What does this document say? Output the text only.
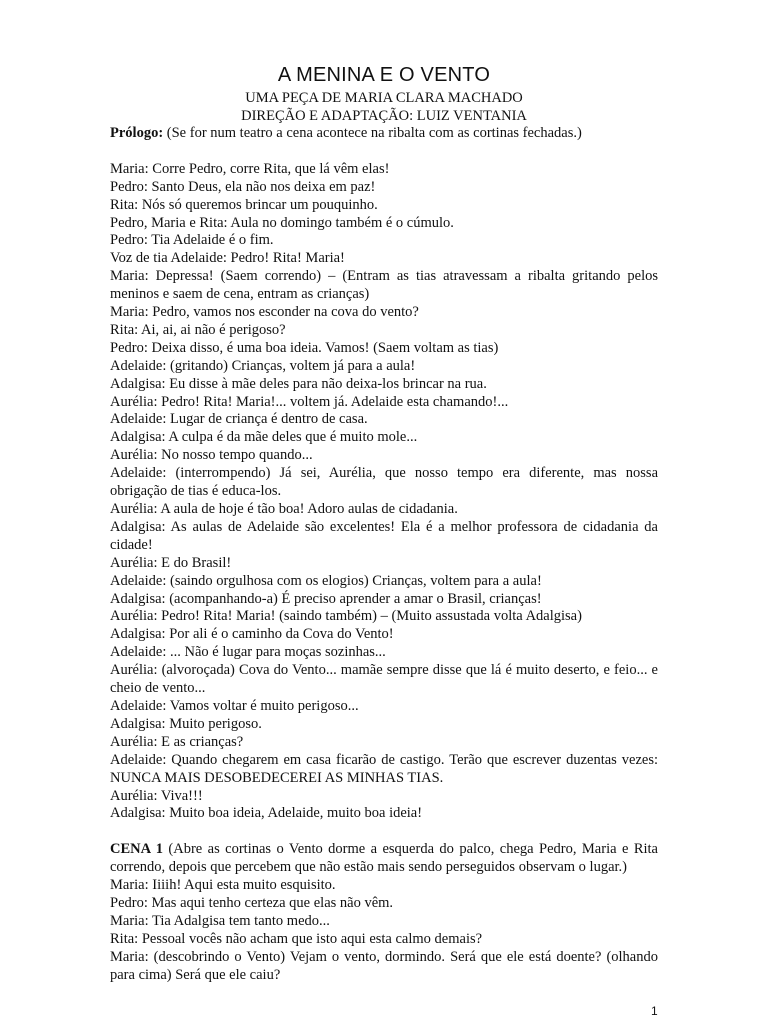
A MENINA E O VENTO
UMA PEÇA DE MARIA CLARA MACHADO
DIREÇÃO E ADAPTAÇÃO: LUIZ VENTANIA

Prólogo: (Se for num teatro a cena acontece na ribalta com as cortinas fechadas.)

Maria: Corre Pedro, corre Rita, que lá vêm elas!

Pedro: Santo Deus, ela não nos deixa em paz!

Rita: Nós só queremos brincar um pouquinho.

Pedro, Maria e Rita: Aula no domingo também é o cúmulo.

Pedro: Tia Adelaide é o fim.

Voz de tia Adelaide: Pedro! Rita! Maria!

Maria: Depressa! (Saem correndo) – (Entram as tias atravessam a ribalta gritando pelos meninos e saem de cena, entram as crianças)

Maria: Pedro, vamos nos esconder na cova do vento?

Rita: Ai, ai, ai não é perigoso?

Pedro: Deixa disso, é uma boa ideia. Vamos! (Saem voltam as tias)

Adelaide: (gritando) Crianças, voltem já para a aula!

Adalgisa: Eu disse à mãe deles para não deixa-los brincar na rua.

Aurélia: Pedro! Rita! Maria!... voltem já. Adelaide esta chamando!...

Adelaide: Lugar de criança é dentro de casa.

Adalgisa: A culpa é da mãe deles que é muito mole...

Aurélia: No nosso tempo quando...

Adelaide: (interrompendo) Já sei, Aurélia, que nosso tempo era diferente, mas nossa obrigação de tias é educa-los.

Aurélia: A aula de hoje é tão boa! Adoro aulas de cidadania.

Adalgisa: As aulas de Adelaide são excelentes! Ela é a melhor professora de cidadania da cidade!

Aurélia: E do Brasil!

Adelaide: (saindo orgulhosa com os elogios) Crianças, voltem para a aula!

Adalgisa: (acompanhando-a) É preciso aprender a amar o Brasil, crianças!

Aurélia: Pedro! Rita! Maria! (saindo também) – (Muito assustada volta Adalgisa)

Adalgisa: Por ali é o caminho da Cova do Vento!

Adelaide: ... Não é lugar para moças sozinhas...

Aurélia: (alvoroçada) Cova do Vento... mamãe sempre disse que lá é muito deserto, e feio... e cheio de vento...

Adelaide: Vamos voltar é muito perigoso...

Adalgisa: Muito perigoso.

Aurélia: E as crianças?

Adelaide: Quando chegarem em casa ficarão de castigo. Terão que escrever duzentas vezes: NUNCA MAIS DESOBEDECEREI AS MINHAS TIAS.

Aurélia: Viva!!!

Adalgisa: Muito boa ideia, Adelaide, muito boa ideia!

CENA 1 (Abre as cortinas o Vento dorme a esquerda do palco, chega Pedro, Maria e Rita correndo, depois que percebem que não estão mais sendo perseguidos observam o lugar.)

Maria: Iiiih! Aqui esta muito esquisito.

Pedro: Mas aqui tenho certeza que elas não vêm.

Maria: Tia Adalgisa tem tanto medo...

Rita: Pessoal vocês não acham que isto aqui esta calmo demais?

Maria: (descobrindo o Vento) Vejam o vento, dormindo. Será que ele está doente? (olhando para cima) Será que ele caiu?

1
